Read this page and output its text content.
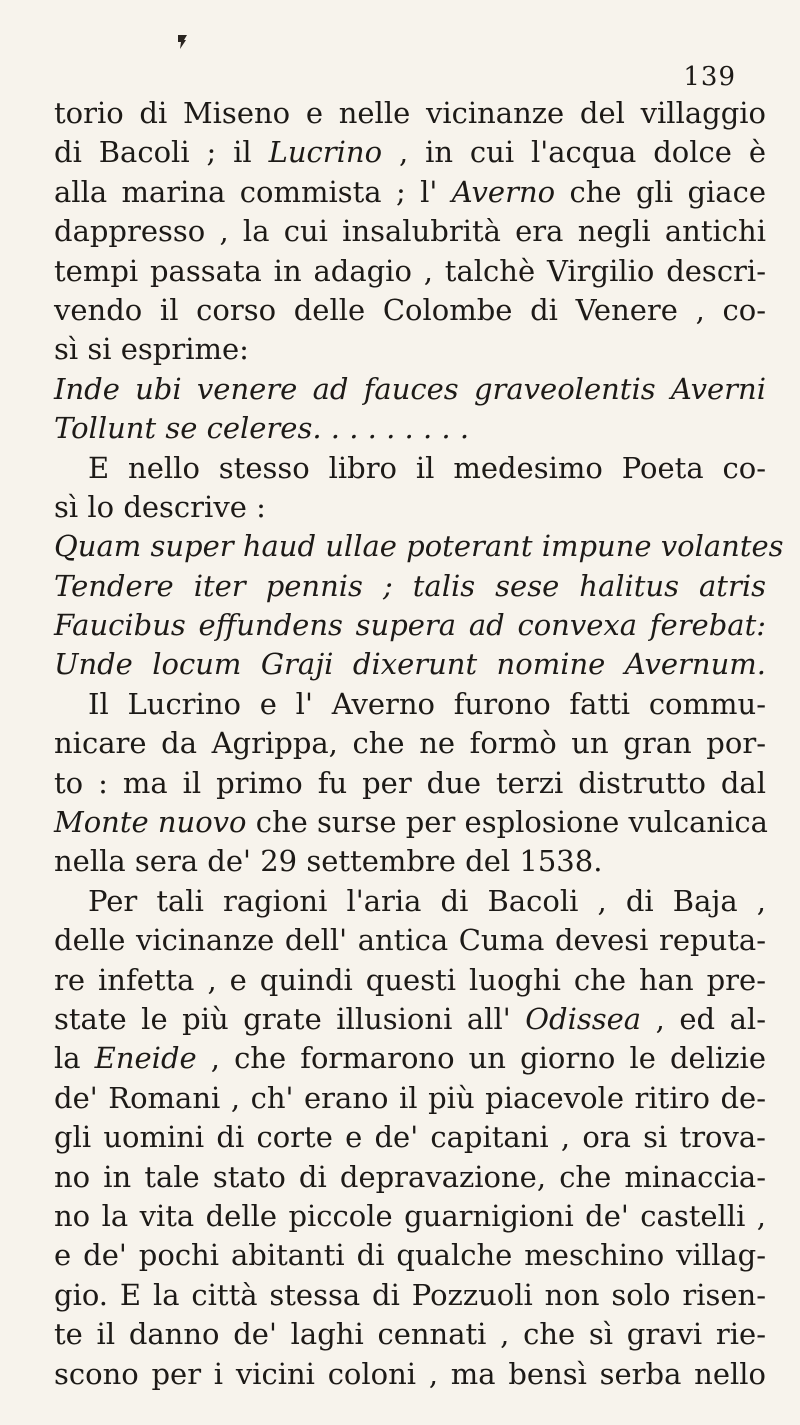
139
torio di Miseno e nelle vicinanze del villaggio
di Bacoli ; il Lucrino , in cui l'acqua dolce è
alla marina commista ; l' Averno che gli giace
dappresso , la cui insalubrità era negli antichi
tempi passata in adagio , talchè Virgilio descri-
vendo il corso delle Colombe di Venere , co-
sì si esprime:
Inde ubi venere ad fauces graveolentis Averni
Tollunt se celeres. . . . . . . . .
E nello stesso libro il medesimo Poeta co-
sì lo descrive :
Quam super haud ullae poterant impune volantes
Tendere iter pennis ; talis sese halitus atris
Faucibus effundens supera ad convexa ferebat:
Unde locum Graji dixerunt nomine Avernum.
Il Lucrino e l' Averno furono fatti commu-
nicare da Agrippa, che ne formò un gran por-
to : ma il primo fu per due terzi distrutto dal
Monte nuovo che surse per esplosione vulcanica
nella sera de' 29 settembre del 1538.
Per tali ragioni l'aria di Bacoli , di Baja ,
delle vicinanze dell' antica Cuma devesi reputa-
re infetta , e quindi questi luoghi che han pre-
state le più grate illusioni all' Odissea , ed al-
la Eneide , che formarono un giorno le delizie
de' Romani , ch' erano il più piacevole ritiro de-
gli uomini di corte e de' capitani , ora si trova-
no in tale stato di depravazione, che minaccia-
no la vita delle piccole guarnigioni de' castelli ,
e de' pochi abitanti di qualche meschino villag-
gio. E la città stessa di Pozzuoli non solo risen-
te il danno de' laghi cennati , che sì gravi rie-
scono per i vicini coloni , ma bensì serba nello
